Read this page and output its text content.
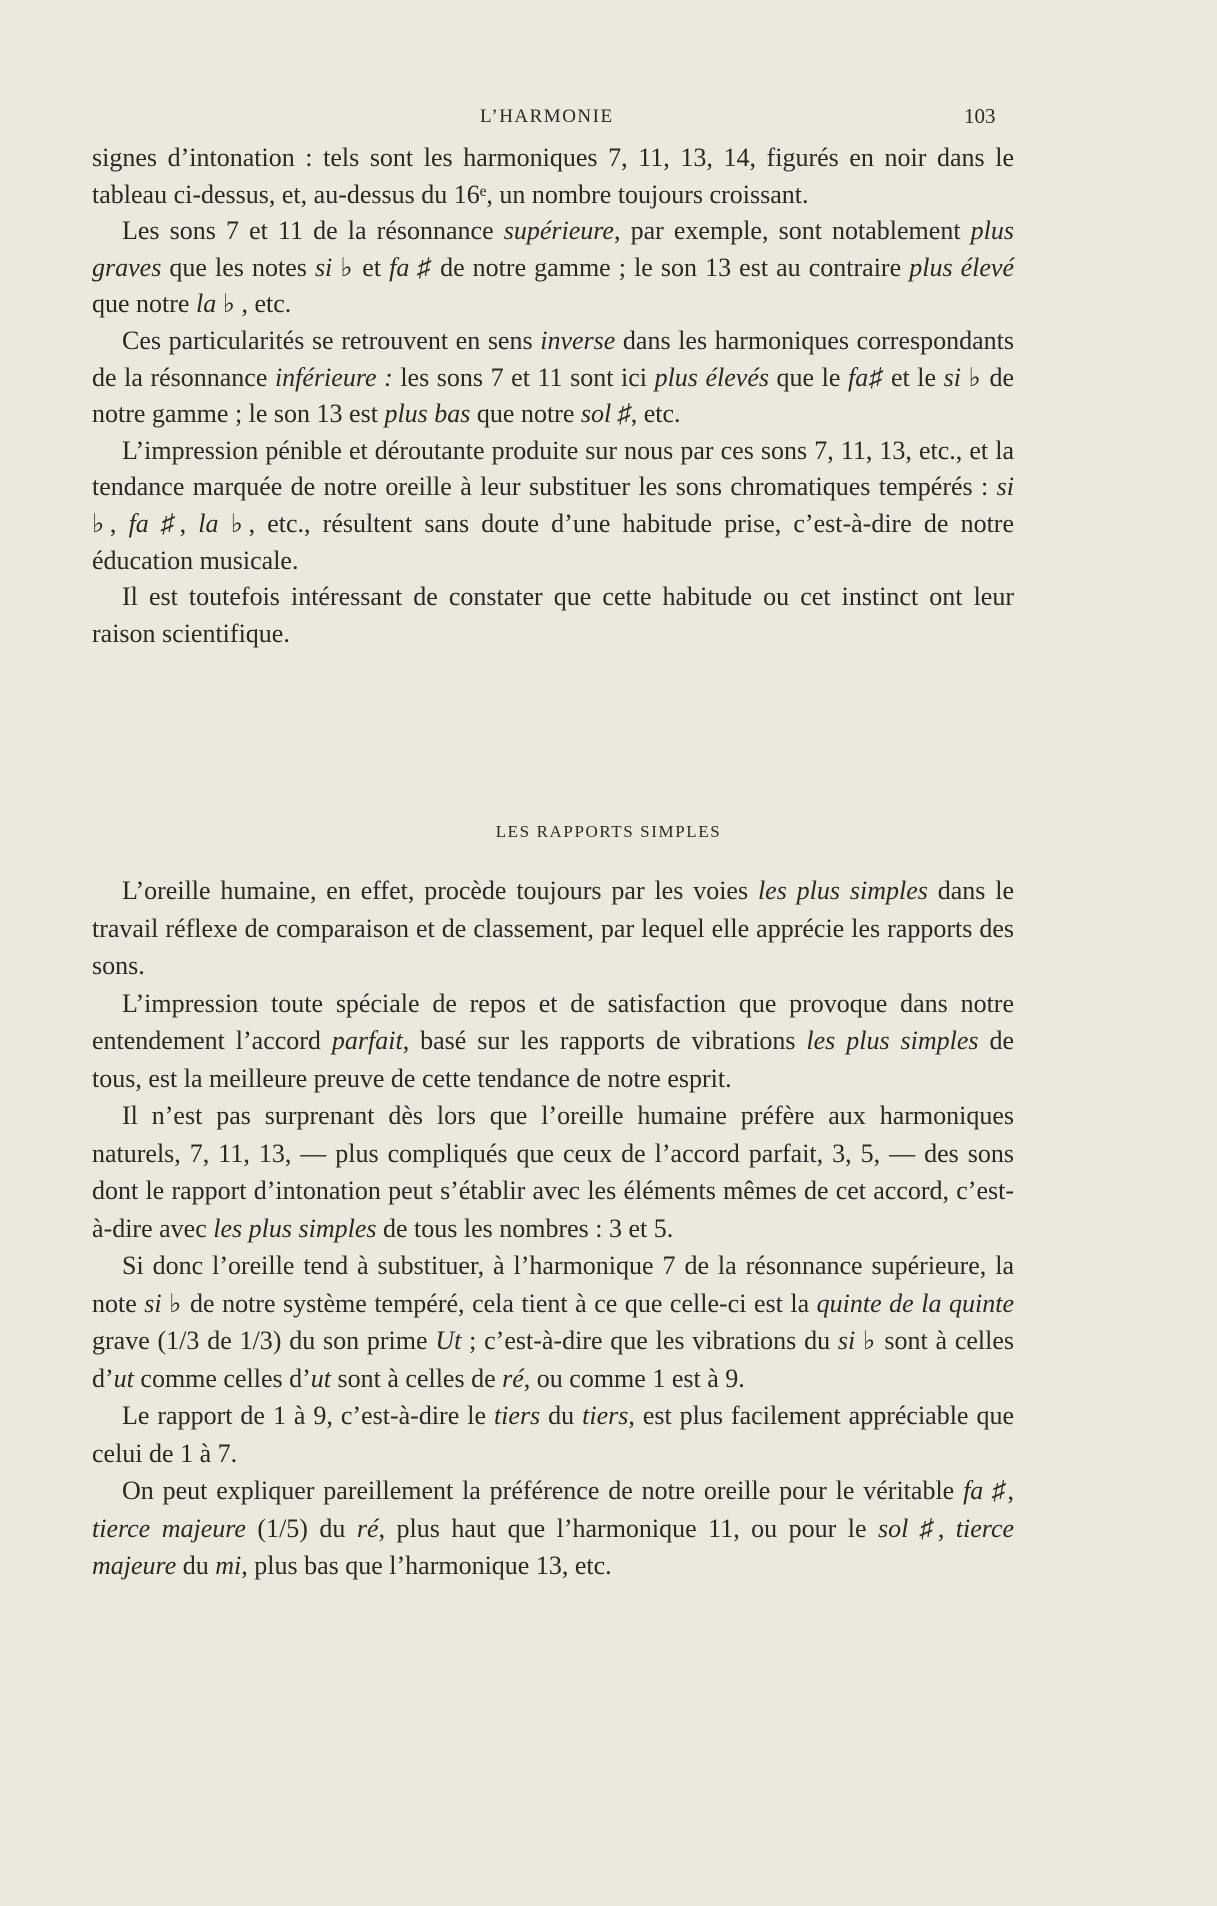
L’HARMONIE	103

signes d’intonation : tels sont les harmoniques 7, 11, 13, 14, figurés en noir dans le tableau ci-dessus, et, au-dessus du 16ᵉ, un nombre toujours croissant.

Les sons 7 et 11 de la résonnance supérieure, par exemple, sont notablement plus graves que les notes si ♭ et fa ♯ de notre gamme ; le son 13 est au contraire plus élevé que notre la ♭ , etc.

Ces particularités se retrouvent en sens inverse dans les harmoniques correspondants de la résonnance inférieure : les sons 7 et 11 sont ici plus élevés que le fa♯ et le si ♭ de notre gamme ; le son 13 est plus bas que notre sol ♯, etc.

L’impression pénible et déroutante produite sur nous par ces sons 7, 11, 13, etc., et la tendance marquée de notre oreille à leur substituer les sons chromatiques tempérés : si ♭, fa ♯, la ♭, etc., résultent sans doute d’une habitude prise, c’est-à-dire de notre éducation musicale.

Il est toutefois intéressant de constater que cette habitude ou cet instinct ont leur raison scientifique.

LES RAPPORTS SIMPLES

L’oreille humaine, en effet, procède toujours par les voies les plus simples dans le travail réflexe de comparaison et de classement, par lequel elle apprécie les rapports des sons.

L’impression toute spéciale de repos et de satisfaction que provoque dans notre entendement l’accord parfait, basé sur les rapports de vibrations les plus simples de tous, est la meilleure preuve de cette tendance de notre esprit.

Il n’est pas surprenant dès lors que l’oreille humaine préfère aux harmoniques naturels, 7, 11, 13, — plus compliqués que ceux de l’accord parfait, 3, 5, — des sons dont le rapport d’intonation peut s’établir avec les éléments mêmes de cet accord, c’est-à-dire avec les plus simples de tous les nombres : 3 et 5.

Si donc l’oreille tend à substituer, à l’harmonique 7 de la résonnance supérieure, la note si ♭ de notre système tempéré, cela tient à ce que celle-ci est la quinte de la quinte grave (1/3 de 1/3) du son prime Ut ; c’est-à-dire que les vibrations du si ♭ sont à celles d’ut comme celles d’ut sont à celles de ré, ou comme 1 est à 9.

Le rapport de 1 à 9, c’est-à-dire le tiers du tiers, est plus facilement appréciable que celui de 1 à 7.

On peut expliquer pareillement la préférence de notre oreille pour le véritable fa ♯, tierce majeure (1/5) du ré, plus haut que l’harmonique 11, ou pour le sol ♯, tierce majeure du mi, plus bas que l’harmonique 13, etc.
